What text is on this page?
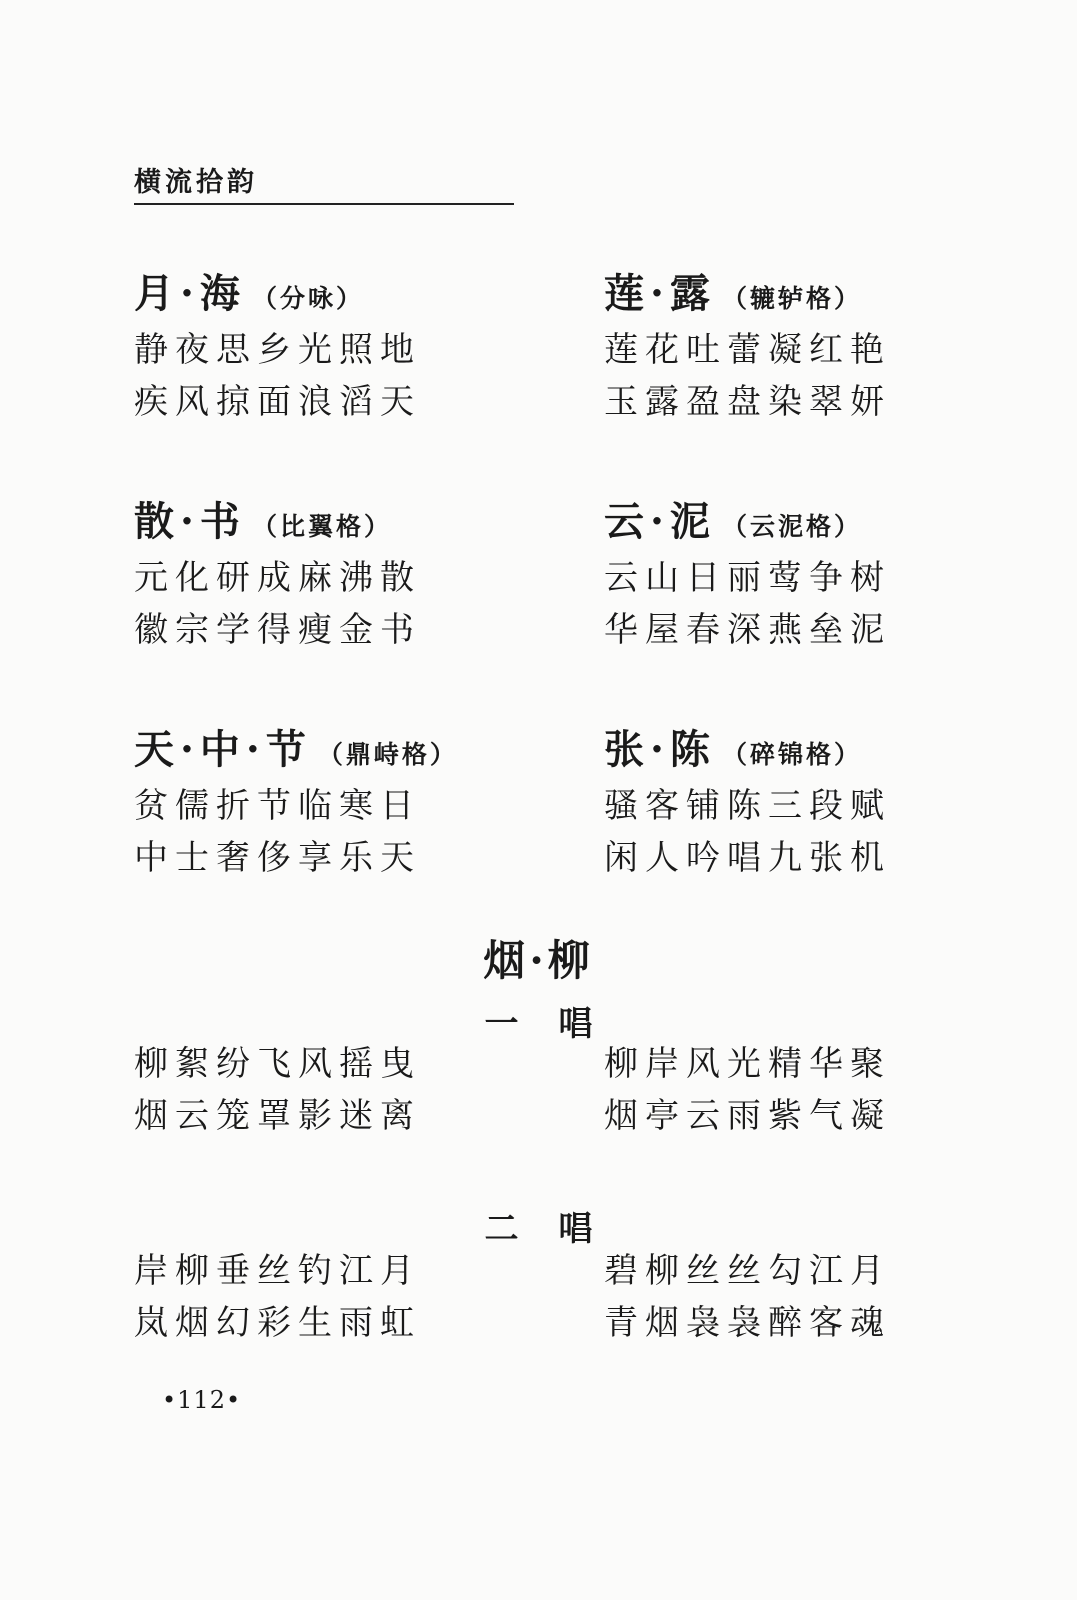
横流拾韵
月·海 （分咏）
静夜思乡光照地
疾风掠面浪滔天
莲·露 （辘轳格）
莲花吐蕾凝红艳
玉露盈盘染翠妍
散·书 （比翼格）
元化研成麻沸散
徽宗学得瘦金书
云·泥 （云泥格）
云山日丽莺争树
华屋春深燕垒泥
天·中·节 （鼎峙格）
贫儒折节临寒日
中士奢侈享乐天
张·陈 （碎锦格）
骚客铺陈三段赋
闲人吟唱九张机
烟·柳
一唱
柳絮纷飞风摇曳
烟云笼罩影迷离
柳岸风光精华聚
烟亭云雨紫气凝
二唱
岸柳垂丝钓江月
岚烟幻彩生雨虹
碧柳丝丝勾江月
青烟袅袅醉客魂
•112•
